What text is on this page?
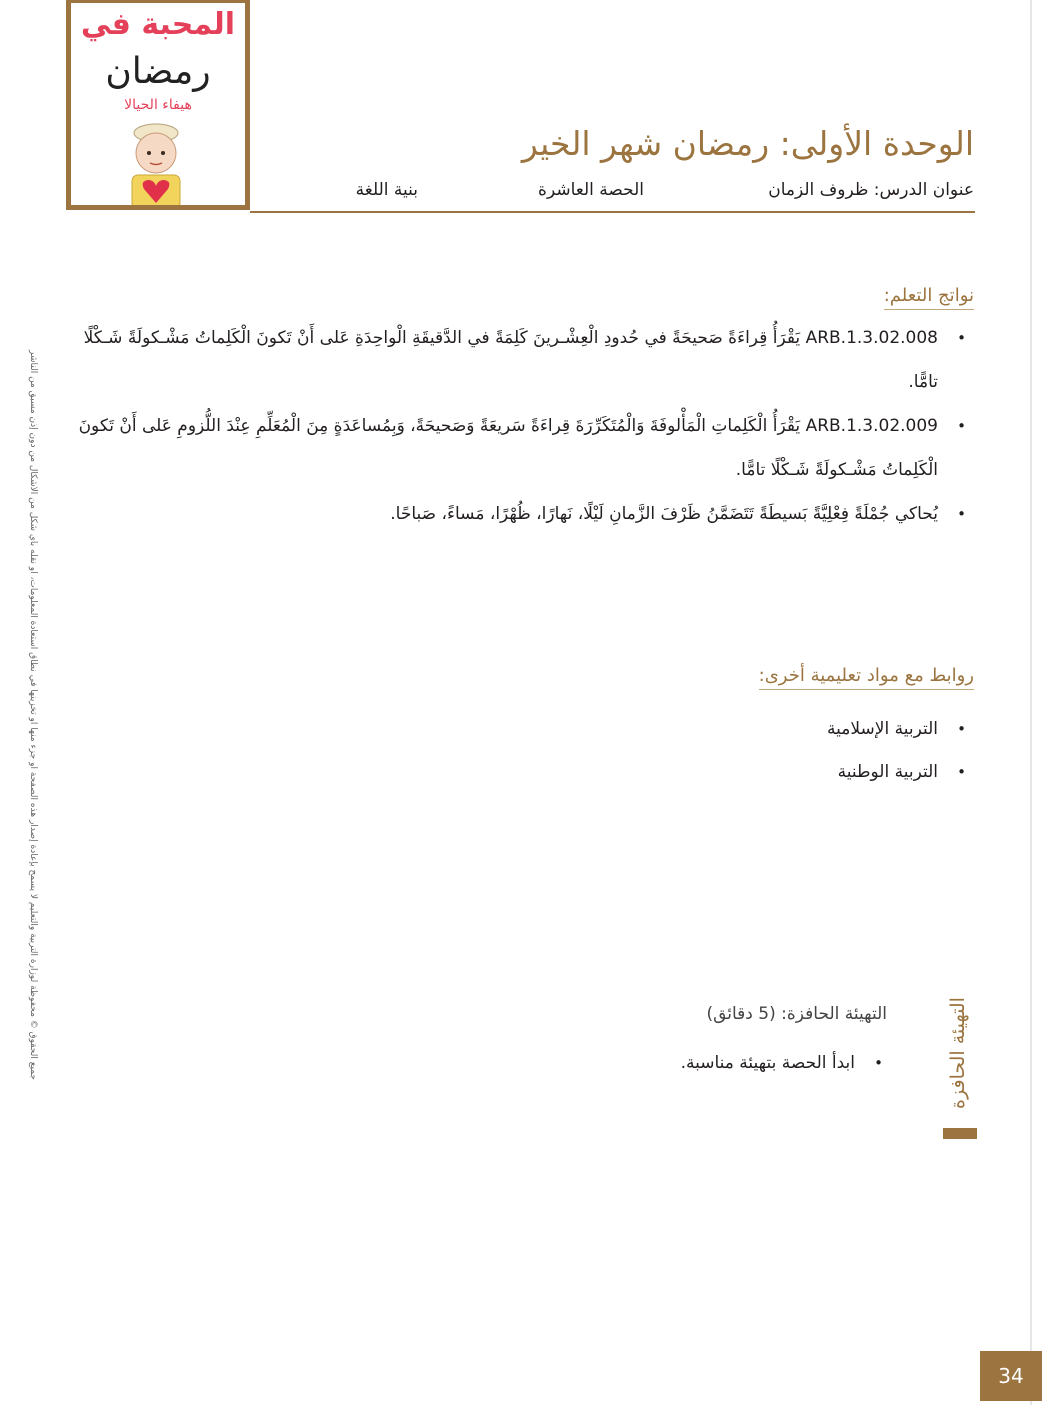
المحبة في
رمضان
هيفاء الحيالا
الوحدة الأولى: رمضان شهر الخير
عنوان الدرس: ظروف الزمان
الحصة العاشرة
بنية اللغة
نواتج التعلم:
• ARB.1.3.02.008 يَقْرَأُ قِراءَةً صَحيحَةً في حُدودِ الْعِشْـرينَ كَلِمَةً في الدَّقيقَةِ الْواحِدَةِ عَلى أَنْ تَكونَ الْكَلِماتُ مَشْـكولَةً شَـكْلًا تامًّا.
• ARB.1.3.02.009 يَقْرَأُ الْكَلِماتِ الْمَأْلوفَةَ وَالْمُتَكَرِّرَةَ قِراءَةً سَريعَةً وَصَحيحَةً، وَبِمُساعَدَةٍ مِنَ الْمُعَلِّمِ عِنْدَ اللُّزومِ عَلى أَنْ تَكونَ الْكَلِماتُ مَشْـكولَةً شَـكْلًا تامًّا.
• يُحاكي جُمْلَةً فِعْلِيَّةً بَسيطَةً تَتَضَمَّنُ ظَرْفَ الزَّمانِ لَيْلًا، نَهارًا، ظُهْرًا، مَساءً، صَباحًا.
روابط مع مواد تعليمية أخرى:
• التربية الإسلامية
• التربية الوطنية
جميع الحقوق © محفوظة لوزارة التربية والتعليم لا يسمح بإعادة إصدار هذه الصفحة أو جزء منها أو تخزينها في نطاق استعادة المعلومات، أو نقله بأي شكل من الأشكال من دون إذن مسبق من الناشر	التهيئة الحافزة
التهيئة الحافزة: (5 دقائق)
• ابدأ الحصة بتهيئة مناسبة.
34
